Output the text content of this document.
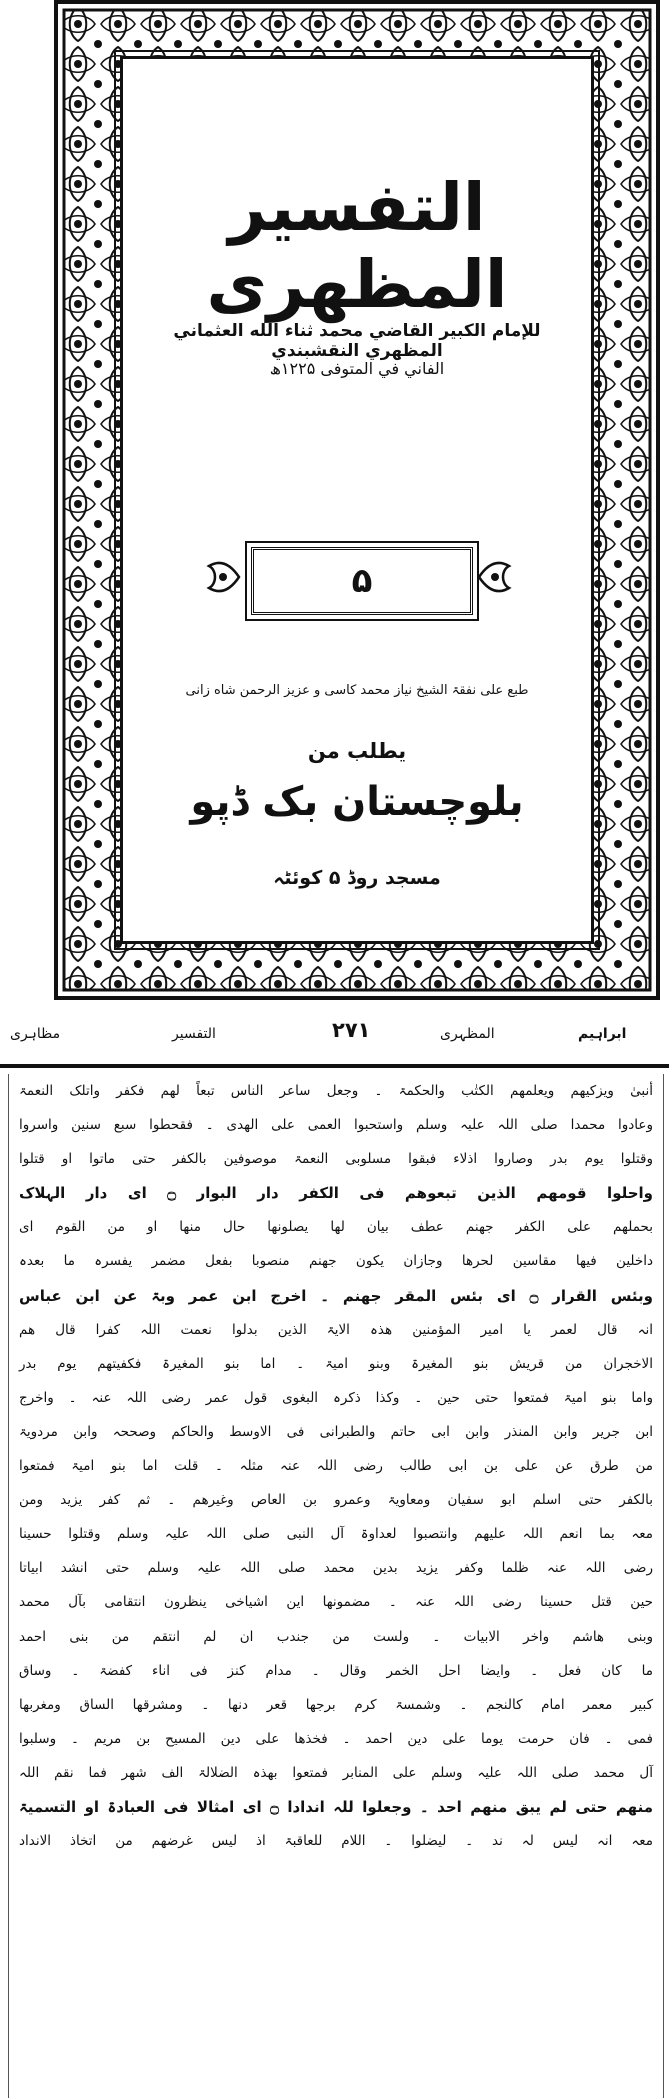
التفسير المظهری
للإمام الکبیر القاضي محمد ثناء الله العثماني المظهري النقشبندي
الفاني في المتوفی ۱۲۲۵ھ
۵
طبع علی نفقۃ الشیخ نیاز محمد کاسی و عزیز الرحمن شاه‌ زانی
یطلب من
بلوچستان بک ڈپو
مسجد روڈ ۵ کوئٹہ
ابراہیم
المظہری
۲۷۱
التفسیر
مظاہری
أنبیٰ ویزکیھم ویعلمھم الکتٰب والحکمۃ ۔ وجعل ساعر الناس تبعاً لھم فکفر واتلک النعمۃ
وعادوا محمدا صلی اللہ علیہ وسلم واستحبوا العمی علی الھدی ۔ فقحطوا سبع سنین واسروا
وقتلوا یوم بدر وصاروا اذلاء فبقوا مسلوبی النعمۃ موصوفین بالکفر حتی ماتوا او قتلوا
واحلوا قومھم الذین تبعوھم فی الکفر دار البوار ۝ ای دار الہلاک
بحملھم علی الکفر جھنم عطف بیان لھا یصلونھا حال منھا او من القوم ای
داخلین فیھا مقاسین لحرھا وجازان یکون جھنم منصوبا بفعل مضمر یفسرہ ما بعدہ
وبئس القرار ۝ ای بئس المقر جھنم ۔ اخرج ابن عمر وبۃ عن ابن عباس
انہ قال لعمر یا امیر المؤمنین ھذہ الایۃ الذین بدلوا نعمت اللہ کفرا قال ھم
الاخجران من قریش بنو المغیرۃ وبنو امیۃ ۔ اما بنو المغیرۃ فکفیتھم یوم بدر
واما بنو امیۃ فمتعوا حتی حین ۔ وکذا ذکرہ البغوی قول عمر رضی اللہ عنہ ۔ واخرج
ابن جریر وابن المنذر وابن ابی حاتم والطبرانی فی الاوسط والحاکم وصححہ وابن مردویۃ
من طرق عن علی بن ابی طالب رضی اللہ عنہ مثلہ ۔ قلت اما بنو امیۃ فمتعوا
بالکفر حتی اسلم ابو سفیان ومعاویۃ وعمرو بن العاص وغیرھم ۔ ثم کفر یزید ومن
معہ بما انعم اللہ علیھم وانتصبوا لعداوۃ آل النبی صلی اللہ علیہ وسلم وقتلوا حسینا
رضی اللہ عنہ ظلما وکفر یزید بدین محمد صلی اللہ علیہ وسلم حتی انشد ابیاتا
حین قتل حسینا رضی اللہ عنہ ۔ مضمونھا این اشیاخی ینظرون انتقامی بآل محمد
وبنی ھاشم واخر الابیات ۔ ولست من جندب ان لم انتقم من بنی احمد
ما کان فعل ۔ وایضا احل الخمر وقال ۔ مدام کنز فی اناء کفضۃ ۔ وساق
کبیر معمر امام کالنجم ۔ وشمسۃ کرم برجھا قعر دنھا ۔ ومشرقھا الساق ومغربھا
فمی ۔ فان حرمت یوما علی دین احمد ۔ فخذھا علی دین المسیح بن مریم ۔ وسلبوا
آل محمد صلی اللہ علیہ وسلم علی المنابر فمتعوا بھذہ الضلالۃ الف شھر فما نقم اللہ
منھم حتی لم یبق منھم احد ۔ وجعلوا للہ اندادا ۝ ای امثالا فی العبادۃ او التسمیۃ
معہ انہ لیس لہ ند ۔ لیضلوا ۔ اللام للعاقبۃ اذ لیس غرضھم من اتخاذ الانداد
